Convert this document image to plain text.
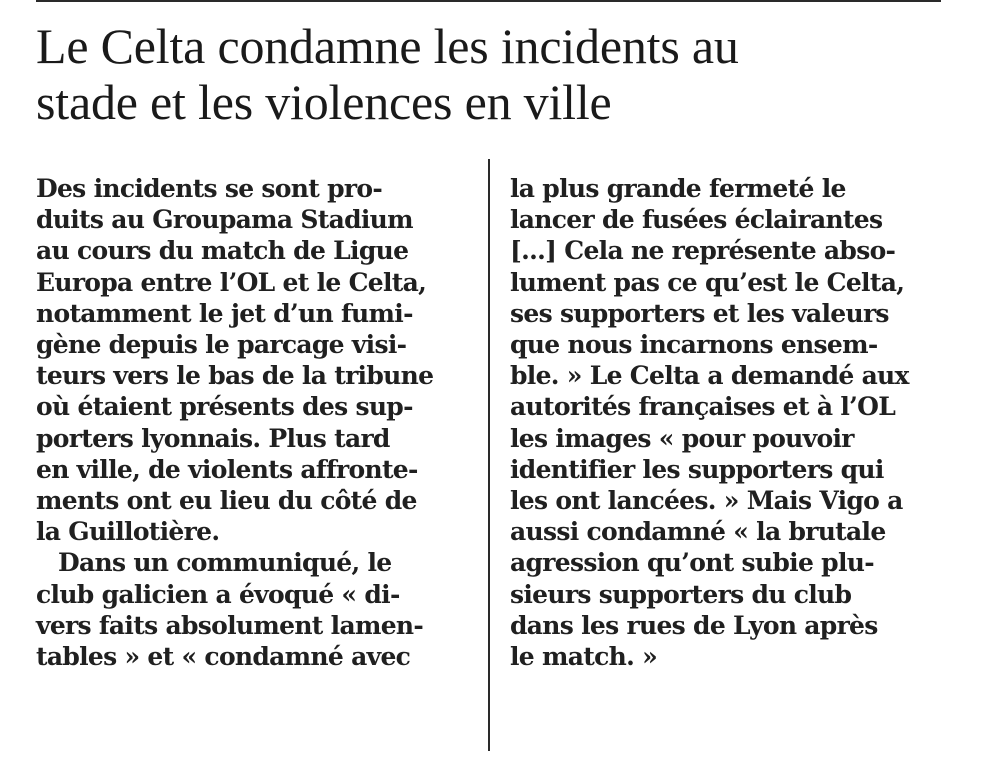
Le Celta condamne les incidents au
stade et les violences en ville
Des incidents se sont pro-
duits au Groupama Stadium
au cours du match de Ligue
Europa entre l’OL et le Celta,
notamment le jet d’un fumi-
gène depuis le parcage visi-
teurs vers le bas de la tribune
où étaient présents des sup-
porters lyonnais. Plus tard
en ville, de violents affronte-
ments ont eu lieu du côté de
la Guillotière.
Dans un communiqué, le
club galicien a évoqué « di-
vers faits absolument lamen-
tables » et « condamné avec
la plus grande fermeté le
lancer de fusées éclairantes
[...] Cela ne représente abso-
lument pas ce qu’est le Celta,
ses supporters et les valeurs
que nous incarnons ensem-
ble. » Le Celta a demandé aux
autorités françaises et à l’OL
les images « pour pouvoir
identifier les supporters qui
les ont lancées. » Mais Vigo a
aussi condamné « la brutale
agression qu’ont subie plu-
sieurs supporters du club
dans les rues de Lyon après
le match. »
